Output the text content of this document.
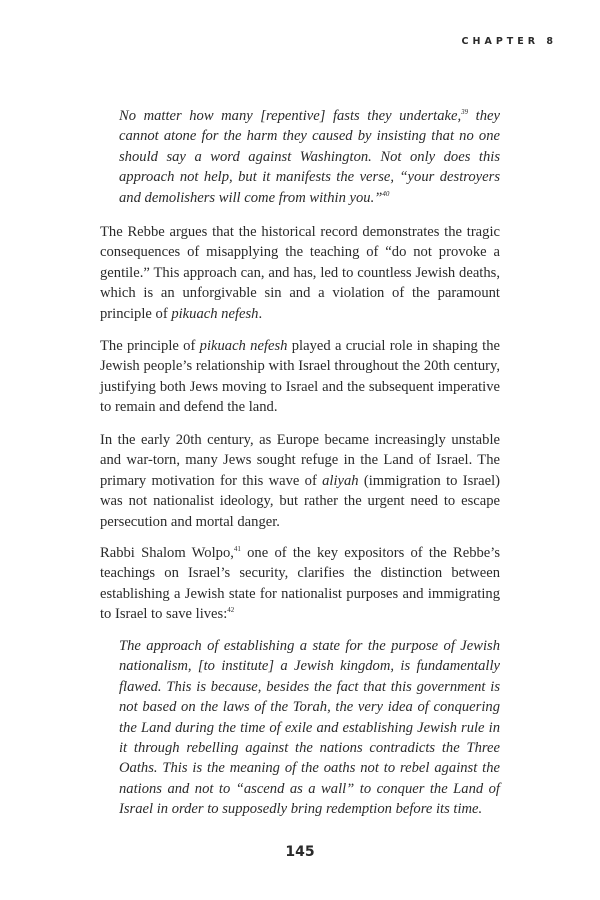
CHAPTER 8

No matter how many [repentive] fasts they undertake,$^{39}$ they cannot atone for the harm they caused by insisting that no one should say a word against Washington. Not only does this approach not help, but it manifests the verse, “your destroyers and demolishers will come from within you.”$^{40}$

The Rebbe argues that the historical record demonstrates the tragic consequences of misapplying the teaching of “do not provoke a gentile.” This approach can, and has, led to countless Jewish deaths, which is an unforgivable sin and a violation of the paramount principle of pikuach nefesh.

The principle of pikuach nefesh played a crucial role in shaping the Jewish people’s relationship with Israel throughout the 20th century, justifying both Jews moving to Israel and the subsequent imperative to remain and defend the land.

In the early 20th century, as Europe became increasingly unstable and war-torn, many Jews sought refuge in the Land of Israel. The primary motivation for this wave of aliyah (immigration to Israel) was not nationalist ideology, but rather the urgent need to escape persecution and mortal danger.

Rabbi Shalom Wolpo,$^{41}$ one of the key expositors of the Rebbe’s teachings on Israel’s security, clarifies the distinction between establishing a Jewish state for nationalist purposes and immigrating to Israel to save lives:$^{42}$

The approach of establishing a state for the purpose of Jewish nationalism, [to institute] a Jewish kingdom, is fundamentally flawed. This is because, besides the fact that this government is not based on the laws of the Torah, the very idea of conquering the Land during the time of exile and establishing Jewish rule in it through rebelling against the nations contradicts the Three Oaths. This is the meaning of the oaths not to rebel against the nations and not to “ascend as a wall” to conquer the Land of Israel in order to supposedly bring redemption before its time.

145
